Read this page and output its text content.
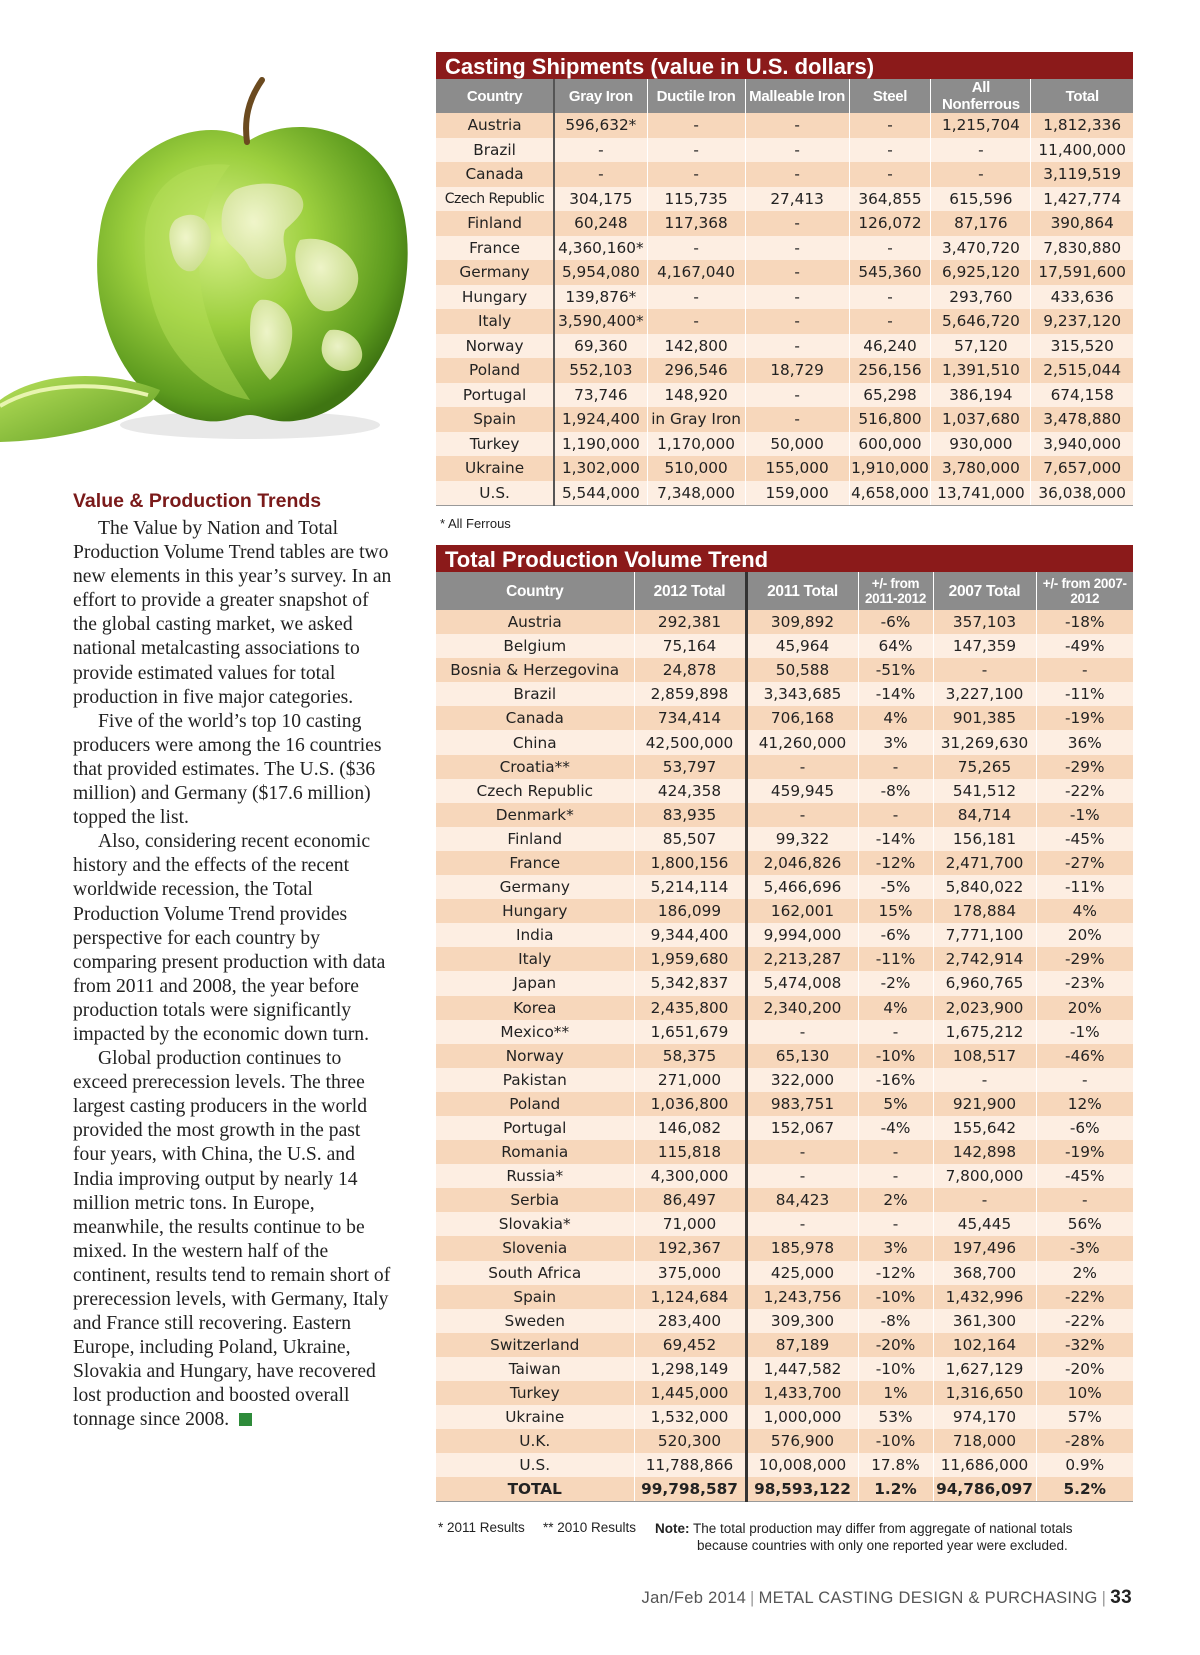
Value & Production Trends

The Value by Nation and Total Production Volume Trend tables are two new elements in this year’s survey. In an effort to provide a greater snapshot of the global casting market, we asked national metalcasting associations to provide estimated values for total production in five major categories.

Five of the world’s top 10 casting producers were among the 16 countries that provided estimates. The U.S. ($36 million) and Germany ($17.6 million) topped the list.

Also, considering recent economic history and the effects of the recent worldwide recession, the Total Production Volume Trend provides perspective for each country by comparing present production with data from 2011 and 2008, the year before production totals were significantly impacted by the economic down turn.

Global production continues to exceed prerecession levels. The three largest casting producers in the world provided the most growth in the past four years, with China, the U.S. and India improving output by nearly 14 million metric tons. In Europe, meanwhile, the results continue to be mixed. In the western half of the continent, results tend to remain short of prerecession levels, with Germany, Italy and France still recovering. Eastern Europe, including Poland, Ukraine, Slovakia and Hungary, have recovered lost production and boosted overall tonnage since 2008.

Casting Shipments (value in U.S. dollars)
Country	Gray Iron	Ductile Iron	Malleable Iron	Steel	All Nonferrous	Total
Austria	596,632*	-	-	-	1,215,704	1,812,336
Brazil	-	-	-	-	-	11,400,000
Canada	-	-	-	-	-	3,119,519
Czech Republic	304,175	115,735	27,413	364,855	615,596	1,427,774
Finland	60,248	117,368	-	126,072	87,176	390,864
France	4,360,160*	-	-	-	3,470,720	7,830,880
Germany	5,954,080	4,167,040	-	545,360	6,925,120	17,591,600
Hungary	139,876*	-	-	-	293,760	433,636
Italy	3,590,400*	-	-	-	5,646,720	9,237,120
Norway	69,360	142,800	-	46,240	57,120	315,520
Poland	552,103	296,546	18,729	256,156	1,391,510	2,515,044
Portugal	73,746	148,920	-	65,298	386,194	674,158
Spain	1,924,400	in Gray Iron	-	516,800	1,037,680	3,478,880
Turkey	1,190,000	1,170,000	50,000	600,000	930,000	3,940,000
Ukraine	1,302,000	510,000	155,000	1,910,000	3,780,000	7,657,000
U.S.	5,544,000	7,348,000	159,000	4,658,000	13,741,000	36,038,000
* All Ferrous
Total Production Volume Trend
Country	2012 Total	2011 Total	+/- from 2011-2012	2007 Total	+/- from 2007-2012
Austria	292,381	309,892	-6%	357,103	-18%
Belgium	75,164	45,964	64%	147,359	-49%
Bosnia & Herzegovina	24,878	50,588	-51%	-	-
Brazil	2,859,898	3,343,685	-14%	3,227,100	-11%
Canada	734,414	706,168	4%	901,385	-19%
China	42,500,000	41,260,000	3%	31,269,630	36%
Croatia**	53,797	-	-	75,265	-29%
Czech Republic	424,358	459,945	-8%	541,512	-22%
Denmark*	83,935	-	-	84,714	-1%
Finland	85,507	99,322	-14%	156,181	-45%
France	1,800,156	2,046,826	-12%	2,471,700	-27%
Germany	5,214,114	5,466,696	-5%	5,840,022	-11%
Hungary	186,099	162,001	15%	178,884	4%
India	9,344,400	9,994,000	-6%	7,771,100	20%
Italy	1,959,680	2,213,287	-11%	2,742,914	-29%
Japan	5,342,837	5,474,008	-2%	6,960,765	-23%
Korea	2,435,800	2,340,200	4%	2,023,900	20%
Mexico**	1,651,679	-	-	1,675,212	-1%
Norway	58,375	65,130	-10%	108,517	-46%
Pakistan	271,000	322,000	-16%	-	-
Poland	1,036,800	983,751	5%	921,900	12%
Portugal	146,082	152,067	-4%	155,642	-6%
Romania	115,818	-	-	142,898	-19%
Russia*	4,300,000	-	-	7,800,000	-45%
Serbia	86,497	84,423	2%	-	-
Slovakia*	71,000	-	-	45,445	56%
Slovenia	192,367	185,978	3%	197,496	-3%
South Africa	375,000	425,000	-12%	368,700	2%
Spain	1,124,684	1,243,756	-10%	1,432,996	-22%
Sweden	283,400	309,300	-8%	361,300	-22%
Switzerland	69,452	87,189	-20%	102,164	-32%
Taiwan	1,298,149	1,447,582	-10%	1,627,129	-20%
Turkey	1,445,000	1,433,700	1%	1,316,650	10%
Ukraine	1,532,000	1,000,000	53%	974,170	57%
U.K.	520,300	576,900	-10%	718,000	-28%
U.S.	11,788,866	10,008,000	17.8%	11,686,000	0.9%
TOTAL	99,798,587	98,593,122	1.2%	94,786,097	5.2%
* 2011 Results ** 2010 Results Note: The total production may differ from aggregate of national totals
because countries with only one reported year were excluded.
Jan/Feb 2014 | METAL CASTING DESIGN & PURCHASING | 33
